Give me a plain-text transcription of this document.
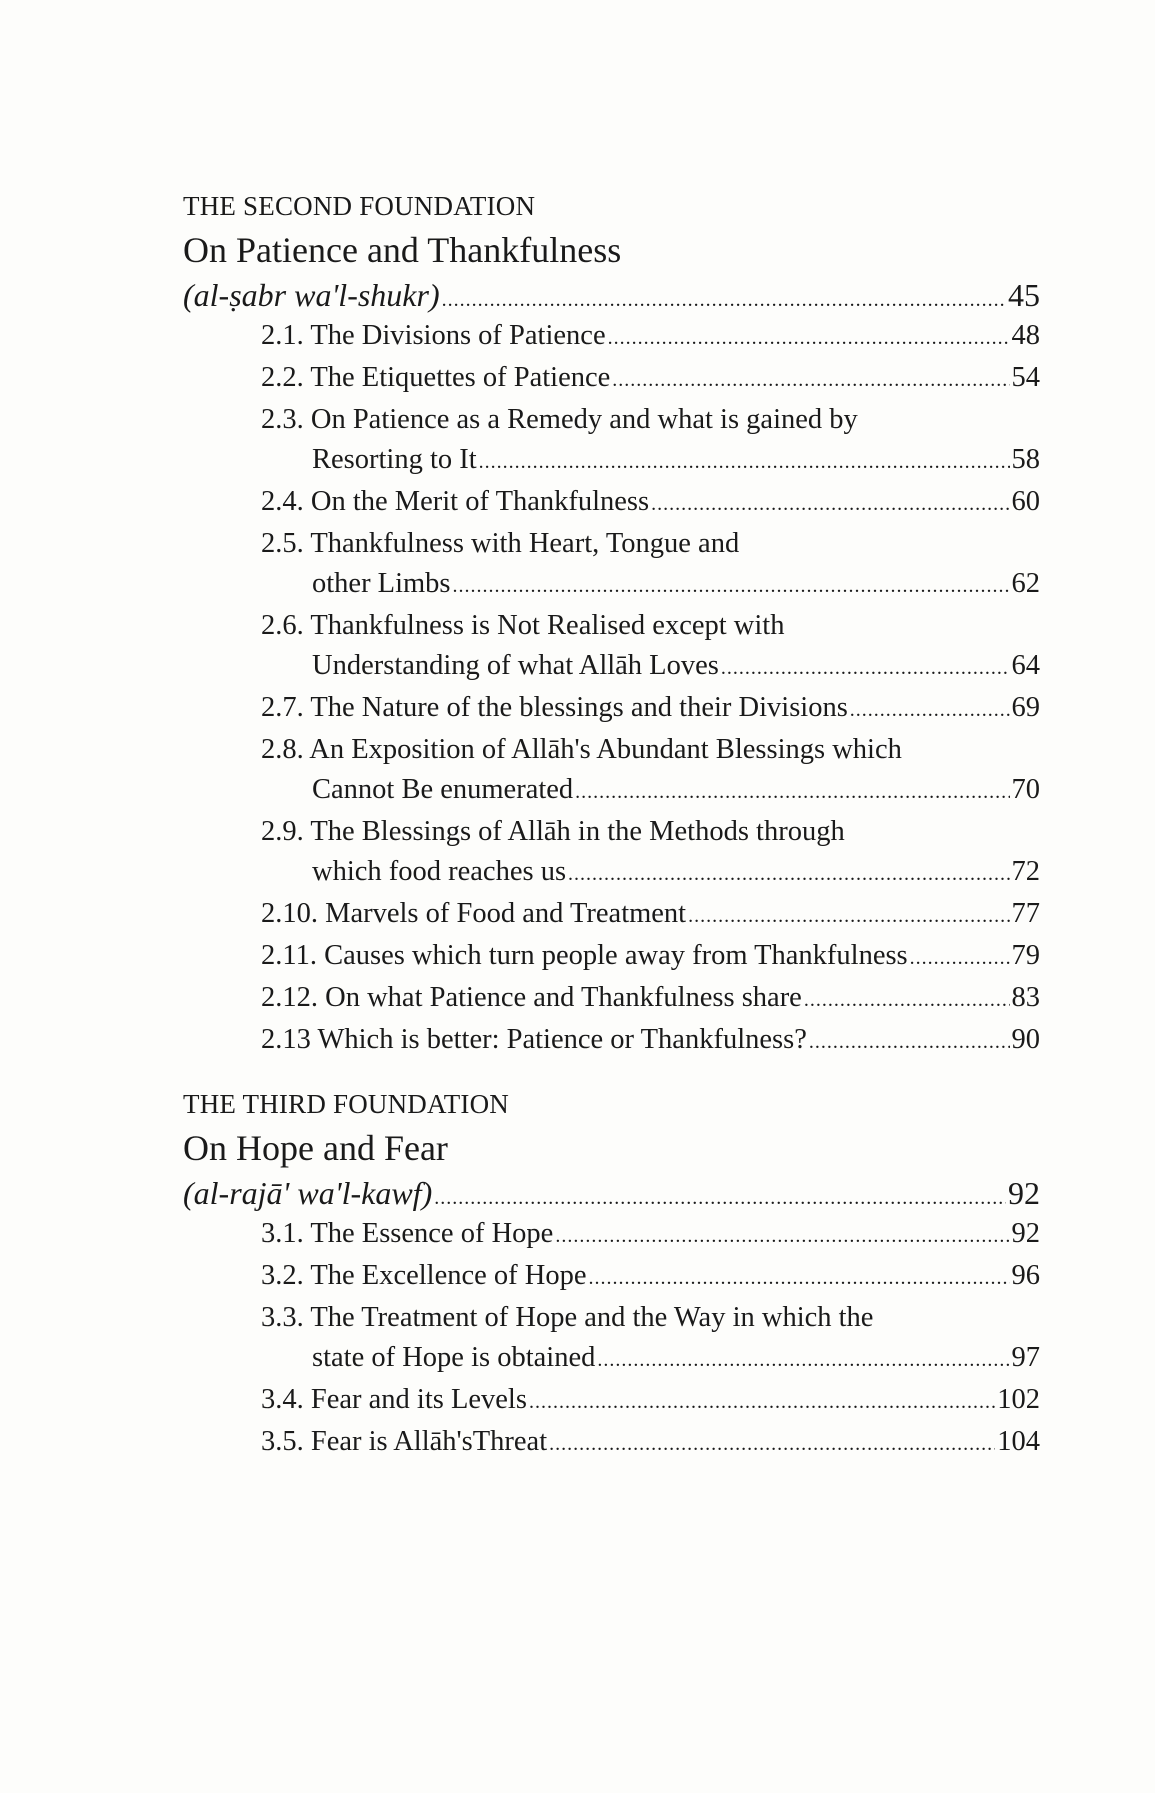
THE SECOND FOUNDATION
On Patience and Thankfulness
(al-ṣabr wa'l-shukr) .....	45
2.1. The Divisions of Patience .....	48
2.2. The Etiquettes of Patience .....	54
2.3. On Patience as a Remedy and what is gained by
Resorting to It .....	58
2.4. On the Merit of Thankfulness .....	60
2.5. Thankfulness with Heart, Tongue and
other Limbs .....	62
2.6. Thankfulness is Not Realised except with
Understanding of what Allāh Loves .....	64
2.7. The Nature of the blessings and their Divisions .....	69
2.8. An Exposition of Allāh's Abundant Blessings which
Cannot Be enumerated .....	70
2.9. The Blessings of Allāh in the Methods through
which food reaches us .....	72
2.10. Marvels of Food and Treatment .....	77
2.11. Causes which turn people away from Thankfulness .....	79
2.12. On what Patience and Thankfulness share .....	83
2.13 Which is better: Patience or Thankfulness? .....	90
THE THIRD FOUNDATION
On Hope and Fear
(al-rajā' wa'l-kawf) .....	92
3.1. The Essence of Hope .....	92
3.2. The Excellence of Hope .....	96
3.3. The Treatment of Hope and the Way in which the
state of Hope is obtained .....	97
3.4. Fear and its Levels .....	102
3.5. Fear is Allāh'sThreat .....	104
